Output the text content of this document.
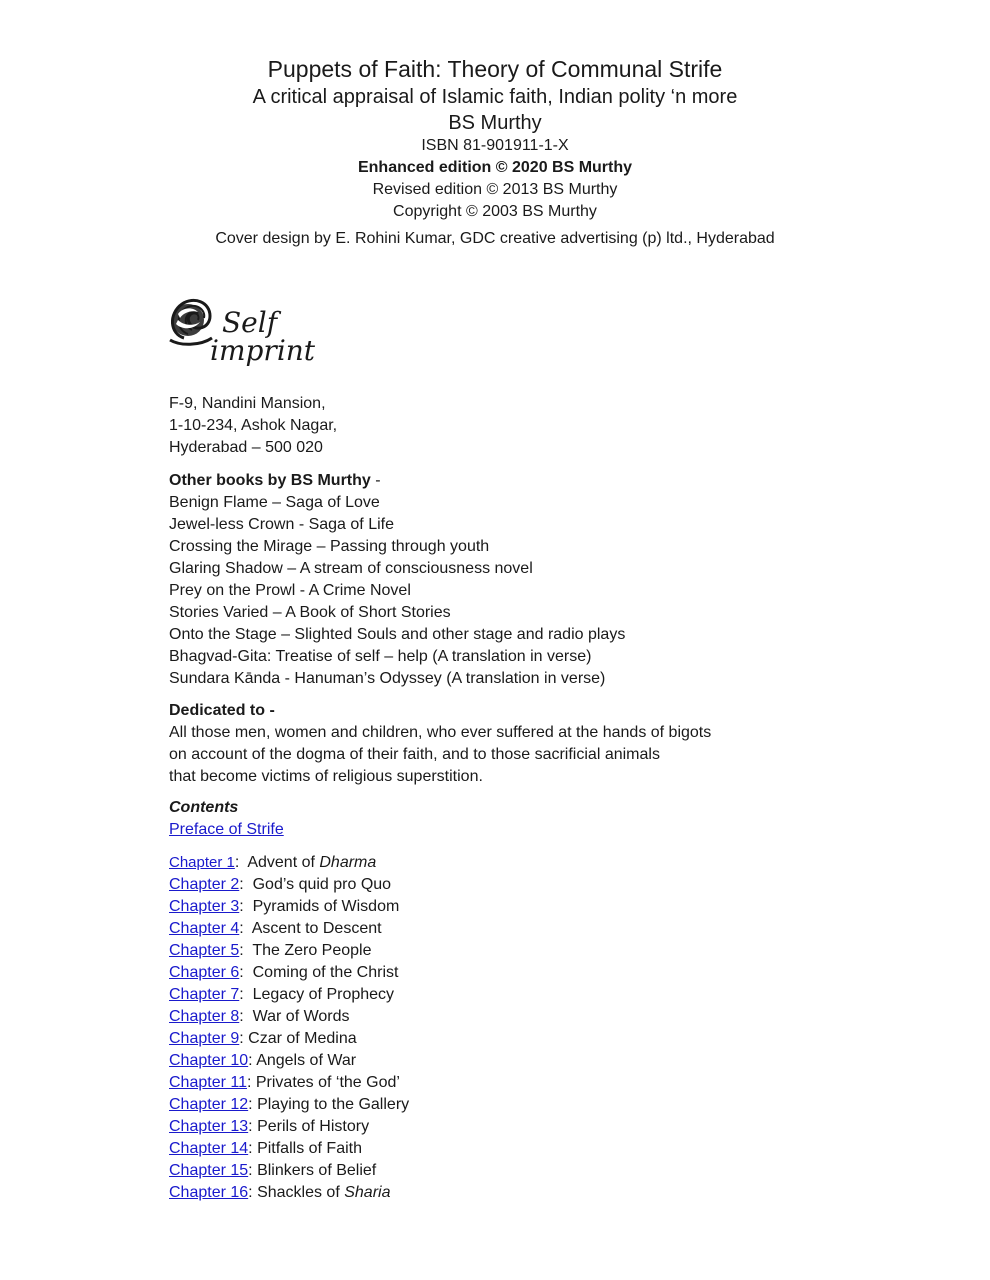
Puppets of Faith: Theory of Communal Strife
A critical appraisal of Islamic faith, Indian polity ‘n more
BS Murthy
ISBN 81-901911-1-X
Enhanced edition © 2020 BS Murthy
Revised edition © 2013 BS Murthy
Copyright © 2003 BS Murthy
Cover design by E. Rohini Kumar, GDC creative advertising (p) ltd., Hyderabad
Self
imprint
F-9, Nandini Mansion,
1-10-234, Ashok Nagar,
Hyderabad – 500 020
Other books by BS Murthy -
Benign Flame – Saga of Love
Jewel-less Crown - Saga of Life
Crossing the Mirage – Passing through youth
Glaring Shadow – A stream of consciousness novel
Prey on the Prowl - A Crime Novel
Stories Varied – A Book of Short Stories
Onto the Stage – Slighted Souls and other stage and radio plays
Bhagvad-Gita: Treatise of self – help (A translation in verse)
Sundara Kānda - Hanuman’s Odyssey (A translation in verse)
Dedicated to -
All those men, women and children, who ever suffered at the hands of bigots
on account of the dogma of their faith, and to those sacrificial animals
that become victims of religious superstition.
Contents
Preface of Strife
Chapter 1:  Advent of Dharma
Chapter 2:  God’s quid pro Quo
Chapter 3:  Pyramids of Wisdom
Chapter 4:  Ascent to Descent
Chapter 5:  The Zero People
Chapter 6:  Coming of the Christ
Chapter 7:  Legacy of Prophecy
Chapter 8:  War of Words
Chapter 9: Czar of Medina
Chapter 10: Angels of War
Chapter 11: Privates of ‘the God’
Chapter 12: Playing to the Gallery
Chapter 13: Perils of History
Chapter 14: Pitfalls of Faith
Chapter 15: Blinkers of Belief
Chapter 16: Shackles of Sharia
